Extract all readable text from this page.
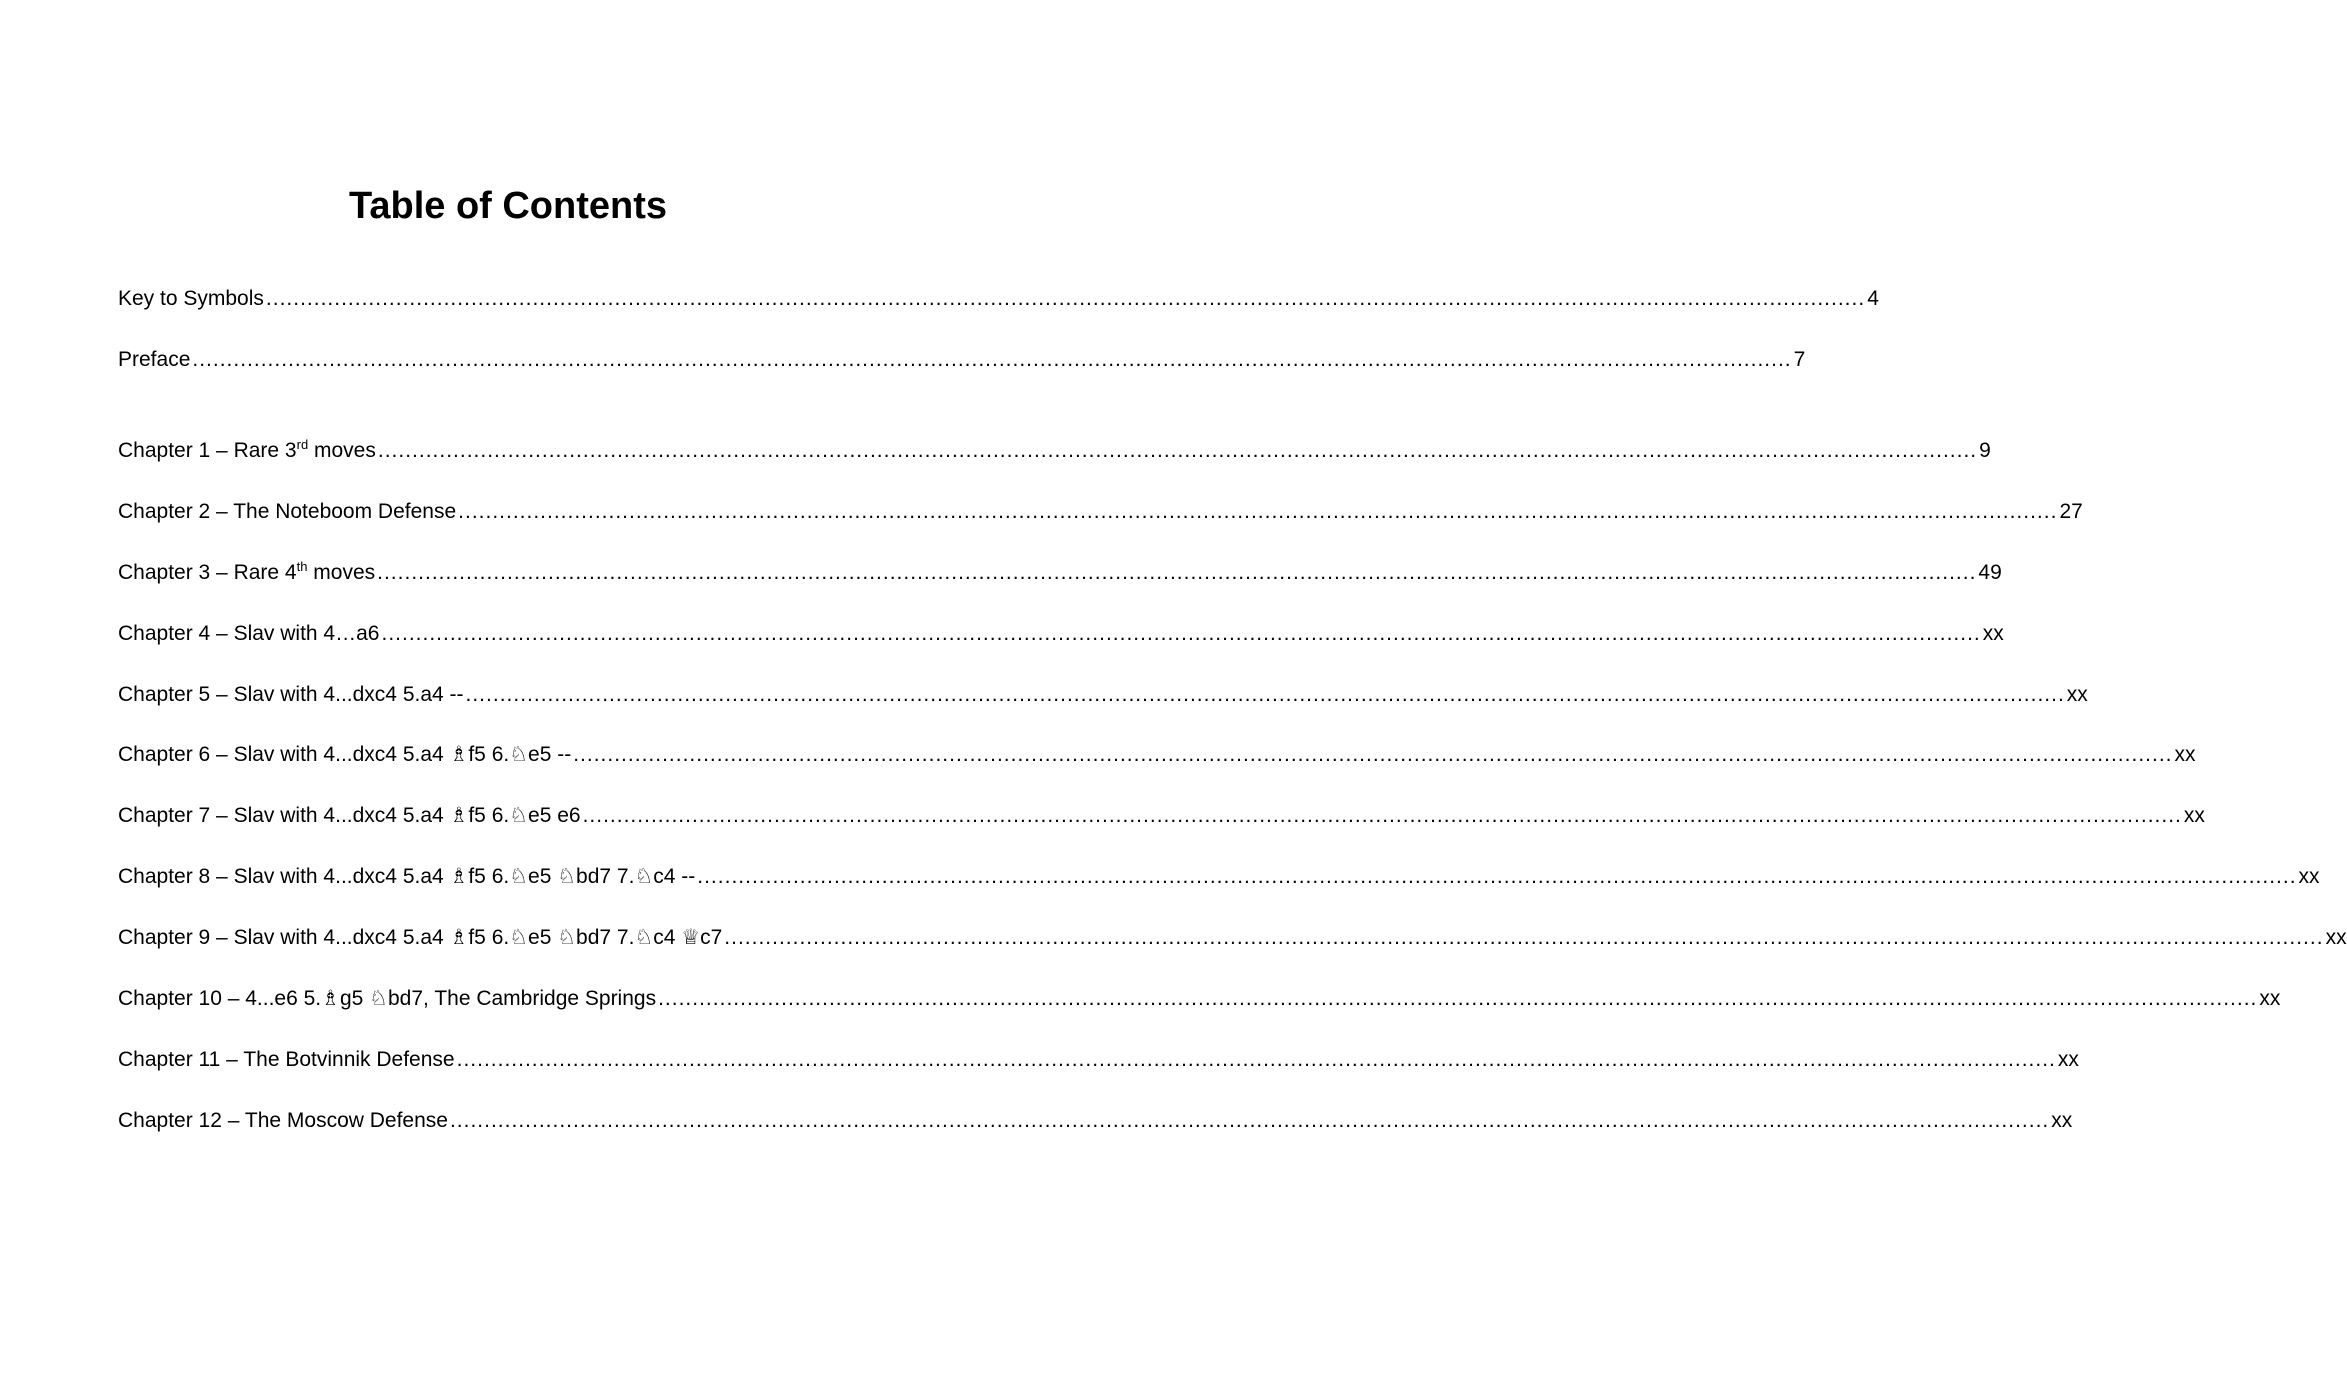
Table of Contents
Key to Symbols .......................................................................................................................................................................................................................................... 4
Preface .......................................................................................................................................................................................................................................... 7
Chapter 1 – Rare 3rd moves .......................................................................................................................................................................................................................................... 9
Chapter 2 – The Noteboom Defense .......................................................................................................................................................................................................................................... 27
Chapter 3 – Rare 4th moves .......................................................................................................................................................................................................................................... 49
Chapter 4 – Slav with 4…a6 .......................................................................................................................................................................................................................................... xx
Chapter 5 – Slav with 4...dxc4 5.a4 -- .......................................................................................................................................................................................................................................... xx
Chapter 6 – Slav with 4...dxc4 5.a4 ♗f5 6.♘e5 -- .......................................................................................................................................................................................................................................... xx
Chapter 7 – Slav with 4...dxc4 5.a4 ♗f5 6.♘e5 e6 .......................................................................................................................................................................................................................................... xx
Chapter 8 – Slav with 4...dxc4 5.a4 ♗f5 6.♘e5 ♘bd7 7.♘c4 -- .......................................................................................................................................................................................................................................... xx
Chapter 9 – Slav with 4...dxc4 5.a4 ♗f5 6.♘e5 ♘bd7 7.♘c4 ♕c7 .......................................................................................................................................................................................................................................... xx
Chapter 10 – 4...e6 5.♗g5 ♘bd7, The Cambridge Springs .......................................................................................................................................................................................................................................... xx
Chapter 11 – The Botvinnik Defense .......................................................................................................................................................................................................................................... xx
Chapter 12 – The Moscow Defense .......................................................................................................................................................................................................................................... xx
